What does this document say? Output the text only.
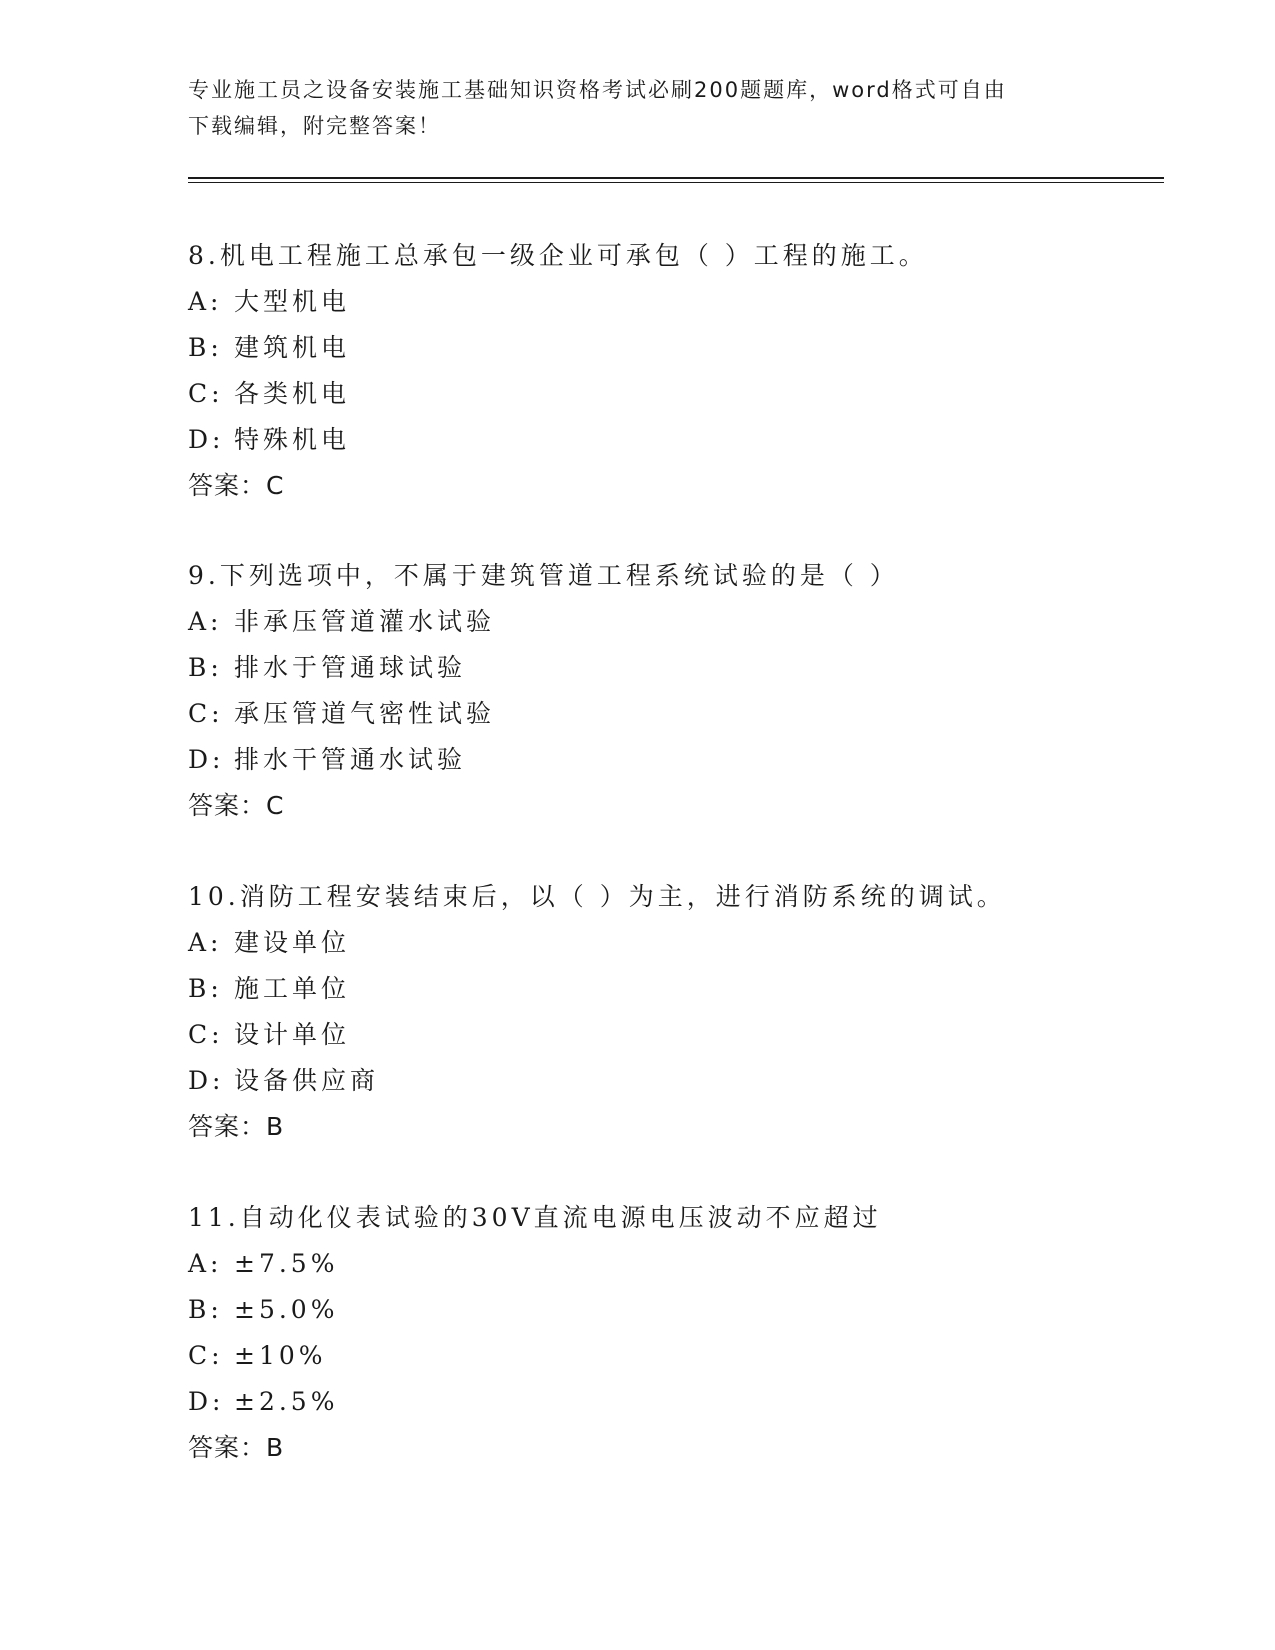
专业施工员之设备安装施工基础知识资格考试必刷200题题库，word格式可自由
下载编辑，附完整答案！
8.机电工程施工总承包一级企业可承包（ ）工程的施工。
A: 大型机电
B: 建筑机电
C: 各类机电
D: 特殊机电
答案：C
9.下列选项中，不属于建筑管道工程系统试验的是（ ）
A: 非承压管道灌水试验
B: 排水于管通球试验
C: 承压管道气密性试验
D: 排水干管通水试验
答案：C
10.消防工程安装结束后，以（ ）为主，进行消防系统的调试。
A: 建设单位
B: 施工单位
C: 设计单位
D: 设备供应商
答案：B
11.自动化仪表试验的30V直流电源电压波动不应超过
A: ±7.5%
B: ±5.0%
C: ±10%
D: ±2.5%
答案：B
